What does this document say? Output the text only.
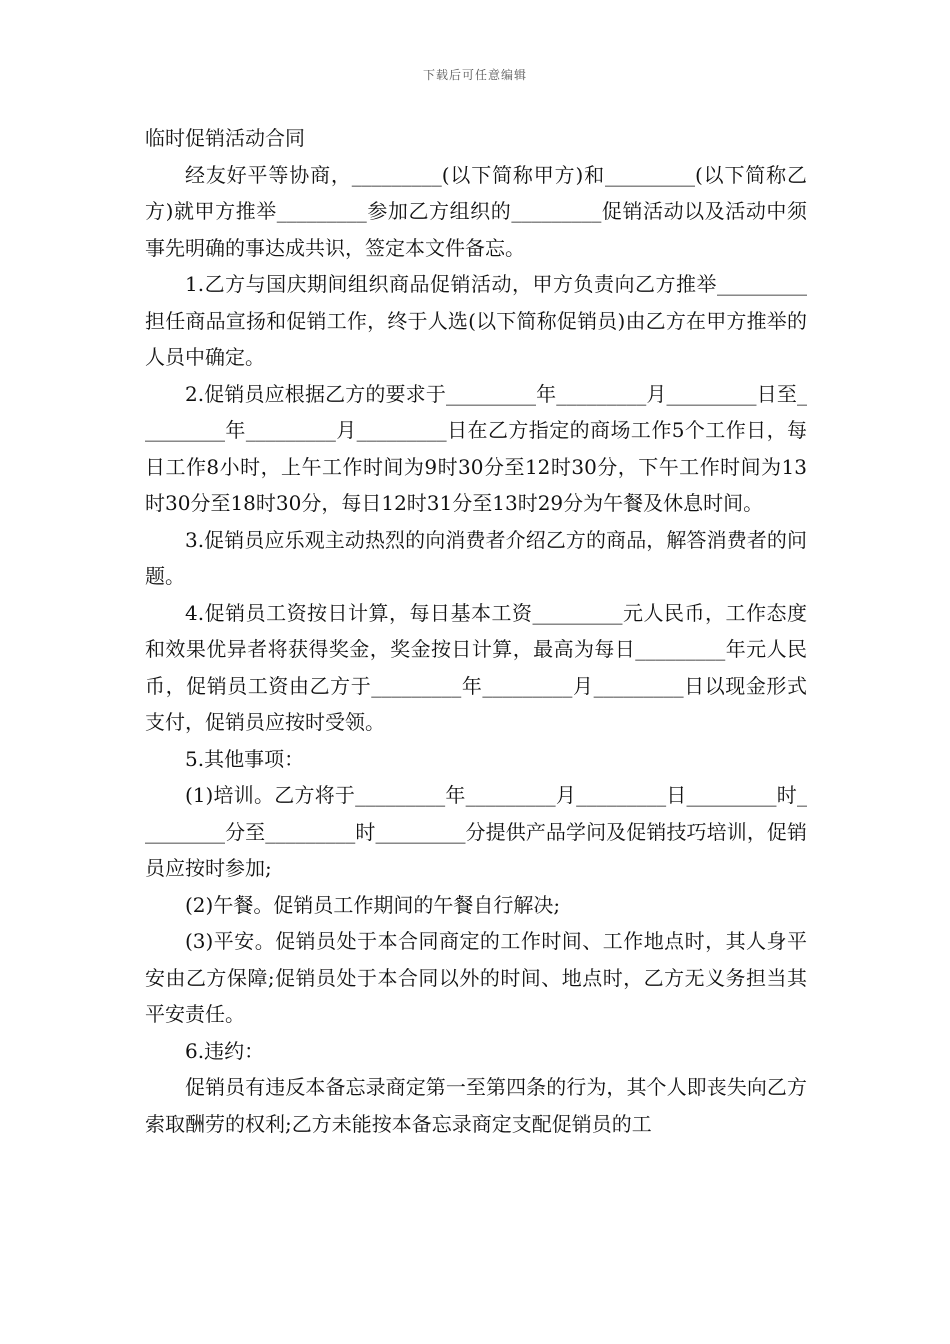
下载后可任意编辑

临时促销活动合同

经友好平等协商，_________(以下简称甲方)和_________(以下简称乙方)就甲方推举_________参加乙方组织的_________促销活动以及活动中须事先明确的事达成共识，签定本文件备忘。

1.乙方与国庆期间组织商品促销活动，甲方负责向乙方推举_________担任商品宣扬和促销工作，终于人选(以下简称促销员)由乙方在甲方推举的人员中确定。

2.促销员应根据乙方的要求于_________年_________月_________日至_________年_________月_________日在乙方指定的商场工作5个工作日，每日工作8小时，上午工作时间为9时30分至12时30分，下午工作时间为13时30分至18时30分，每日12时31分至13时29分为午餐及休息时间。

3.促销员应乐观主动热烈的向消费者介绍乙方的商品，解答消费者的问题。

4.促销员工资按日计算，每日基本工资_________元人民币，工作态度和效果优异者将获得奖金，奖金按日计算，最高为每日_________年元人民币，促销员工资由乙方于_________年_________月_________日以现金形式支付，促销员应按时受领。

5.其他事项：

(1)培训。乙方将于_________年_________月_________日_________时_________分至_________时_________分提供产品学问及促销技巧培训，促销员应按时参加;

(2)午餐。促销员工作期间的午餐自行解决;

(3)平安。促销员处于本合同商定的工作时间、工作地点时，其人身平安由乙方保障;促销员处于本合同以外的时间、地点时，乙方无义务担当其平安责任。

6.违约：

促销员有违反本备忘录商定第一至第四条的行为，其个人即丧失向乙方索取酬劳的权利;乙方未能按本备忘录商定支配促销员的工
